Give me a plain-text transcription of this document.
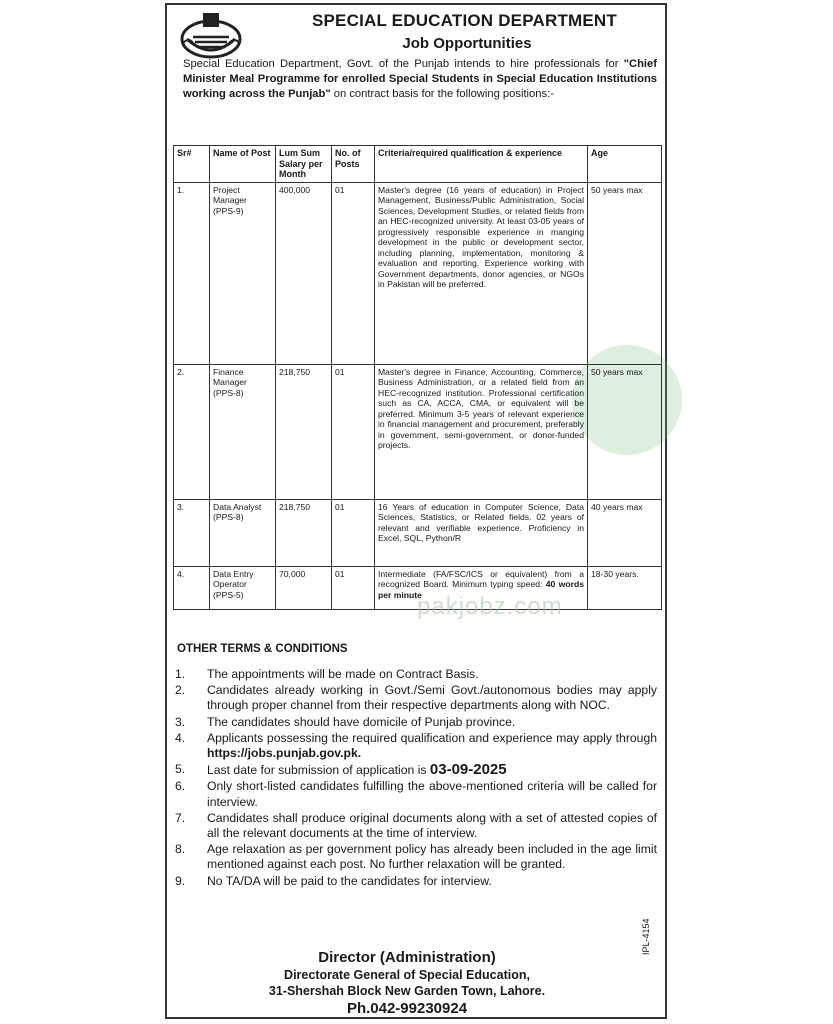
SPECIAL EDUCATION DEPARTMENT
Job Opportunities
Special Education Department, Govt. of the Punjab intends to hire professionals for "Chief Minister Meal Programme for enrolled Special Students in Special Education Institutions working across the Punjab" on contract basis for the following positions:-
Sr#	Name of Post	Lum Sum Salary per Month	No. of Posts	Criteria/required qualification & experience	Age
1.	Project Manager (PPS-9)	400,000	01	Master's degree (16 years of education) in Project Management, Business/Public Administration, Social Sciences, Development Studies, or related fields from an HEC-recognized university. At least 03-05 years of progressively responsible experience in manging development in the public or development sector, including planning, implementation, monitoring & evaluation and reporting. Experience working with Government departments, donor agencies, or NGOs in Pakistan will be preferred.	50 years max
2.	Finance Manager (PPS-8)	218,750	01	Master's degree in Finance, Accounting, Commerce, Business Administration, or a related field from an HEC-recognized institution. Professional certification such as CA, ACCA, CMA, or equivalent will be preferred. Minimum 3-5 years of relevant experience in financial management and procurement, preferably in government, semi-government, or donor-funded projects.	50 years max
3.	Data Analyst (PPS-8)	218,750	01	16 Years of education in Computer Science, Data Sciences, Statistics, or Related fields. 02 years of relevant and verifiable experience. Proficiency in Excel, SQL, Python/R	40 years max
4.	Data Entry Operator (PPS-5)	70,000	01	Intermediate (FA/FSC/ICS or equivalent) from a recognized Board. Minimum typing speed: 40 words per minute	18-30 years.
pakjobz.com
OTHER TERMS & CONDITIONS
1. The appointments will be made on Contract Basis.
2. Candidates already working in Govt./Semi Govt./autonomous bodies may apply through proper channel from their respective departments along with NOC.
3. The candidates should have domicile of Punjab province.
4. Applicants possessing the required qualification and experience may apply through https://jobs.punjab.gov.pk.
5. Last date for submission of application is 03-09-2025
6. Only short-listed candidates fulfilling the above-mentioned criteria will be called for interview.
7. Candidates shall produce original documents along with a set of attested copies of all the relevant documents at the time of interview.
8. Age relaxation as per government policy has already been included in the age limit mentioned against each post. No further relaxation will be granted.
9. No TA/DA will be paid to the candidates for interview.
Director (Administration)
Directorate General of Special Education,
31-Shershah Block New Garden Town, Lahore.
Ph.042-99230924
IPL-4154
